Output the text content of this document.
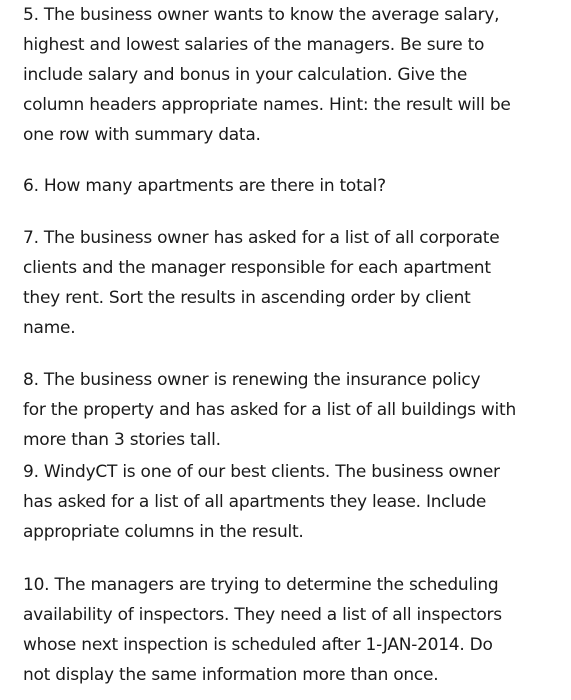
5. The business owner wants to know the average salary,
highest and lowest salaries of the managers. Be sure to
include salary and bonus in your calculation. Give the
column headers appropriate names. Hint: the result will be
one row with summary data.
6. How many apartments are there in total?
7. The business owner has asked for a list of all corporate
clients and the manager responsible for each apartment
they rent. Sort the results in ascending order by client
name.
8. The business owner is renewing the insurance policy
for the property and has asked for a list of all buildings with
more than 3 stories tall.
9. WindyCT is one of our best clients. The business owner
has asked for a list of all apartments they lease. Include
appropriate columns in the result.
10. The managers are trying to determine the scheduling
availability of inspectors. They need a list of all inspectors
whose next inspection is scheduled after 1-JAN-2014. Do
not display the same information more than once.
